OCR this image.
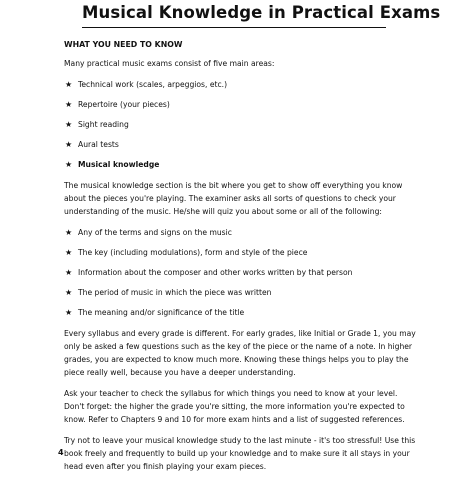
Musical Knowledge in Practical Exams
WHAT YOU NEED TO KNOW

Many practical music exams consist of five main areas:

★ Technical work (scales, arpeggios, etc.)
★ Repertoire (your pieces)
★ Sight reading
★ Aural tests
★ Musical knowledge

The musical knowledge section is the bit where you get to show off everything you know about the pieces you're playing. The examiner asks all sorts of questions to check your understanding of the music. He/she will quiz you about some or all of the following:

★ Any of the terms and signs on the music
★ The key (including modulations), form and style of the piece
★ Information about the composer and other works written by that person
★ The period of music in which the piece was written
★ The meaning and/or significance of the title

Every syllabus and every grade is different. For early grades, like Initial or Grade 1, you may only be asked a few questions such as the key of the piece or the name of a note. In higher grades, you are expected to know much more. Knowing these things helps you to play the piece really well, because you have a deeper understanding.

Ask your teacher to check the syllabus for which things you need to know at your level. Don't forget: the higher the grade you're sitting, the more information you're expected to know. Refer to Chapters 9 and 10 for more exam hints and a list of suggested references.

Try not to leave your musical knowledge study to the last minute - it's too stressful! Use this book freely and frequently to build up your knowledge and to make sure it all stays in your head even after you finish playing your exam pieces.

4
